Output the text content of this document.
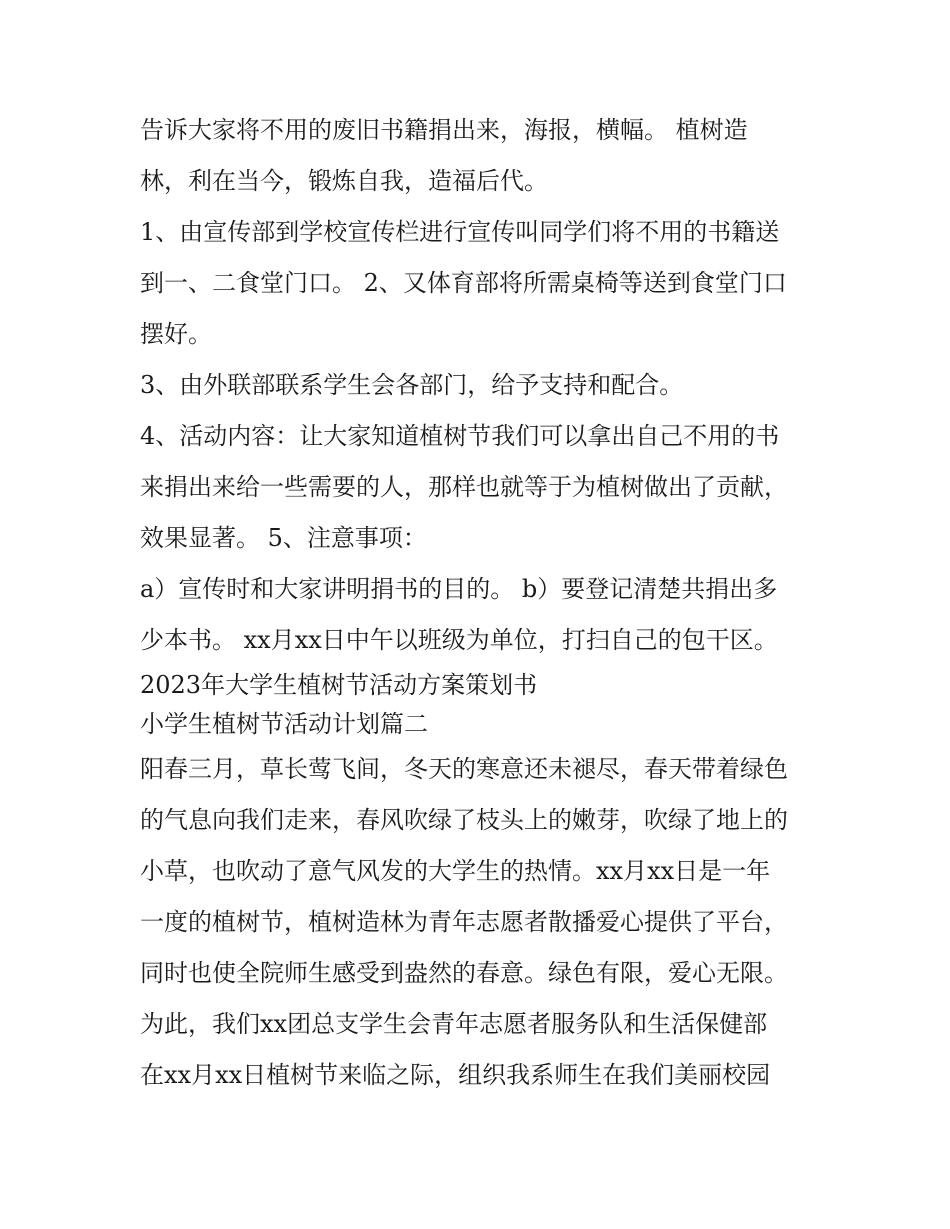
告诉大家将不用的废旧书籍捐出来，海报，横幅。 植树造
林，利在当今，锻炼自我，造福后代。
1、由宣传部到学校宣传栏进行宣传叫同学们将不用的书籍送
到一、二食堂门口。 2、又体育部将所需桌椅等送到食堂门口
摆好。
3、由外联部联系学生会各部门，给予支持和配合。
4、活动内容：让大家知道植树节我们可以拿出自己不用的书
来捐出来给一些需要的人，那样也就等于为植树做出了贡献，
效果显著。 5、注意事项：
a）宣传时和大家讲明捐书的目的。 b）要登记清楚共捐出多
少本书。 xx月xx日中午以班级为单位，打扫自己的包干区。
2023年大学生植树节活动方案策划书
小学生植树节活动计划篇二
阳春三月，草长莺飞间，冬天的寒意还未褪尽，春天带着绿色
的气息向我们走来，春风吹绿了枝头上的嫩芽，吹绿了地上的
小草，也吹动了意气风发的大学生的热情。xx月xx日是一年
一度的植树节，植树造林为青年志愿者散播爱心提供了平台，
同时也使全院师生感受到盎然的春意。绿色有限，爱心无限。
为此，我们xx团总支学生会青年志愿者服务队和生活保健部
在xx月xx日植树节来临之际，组织我系师生在我们美丽校园
